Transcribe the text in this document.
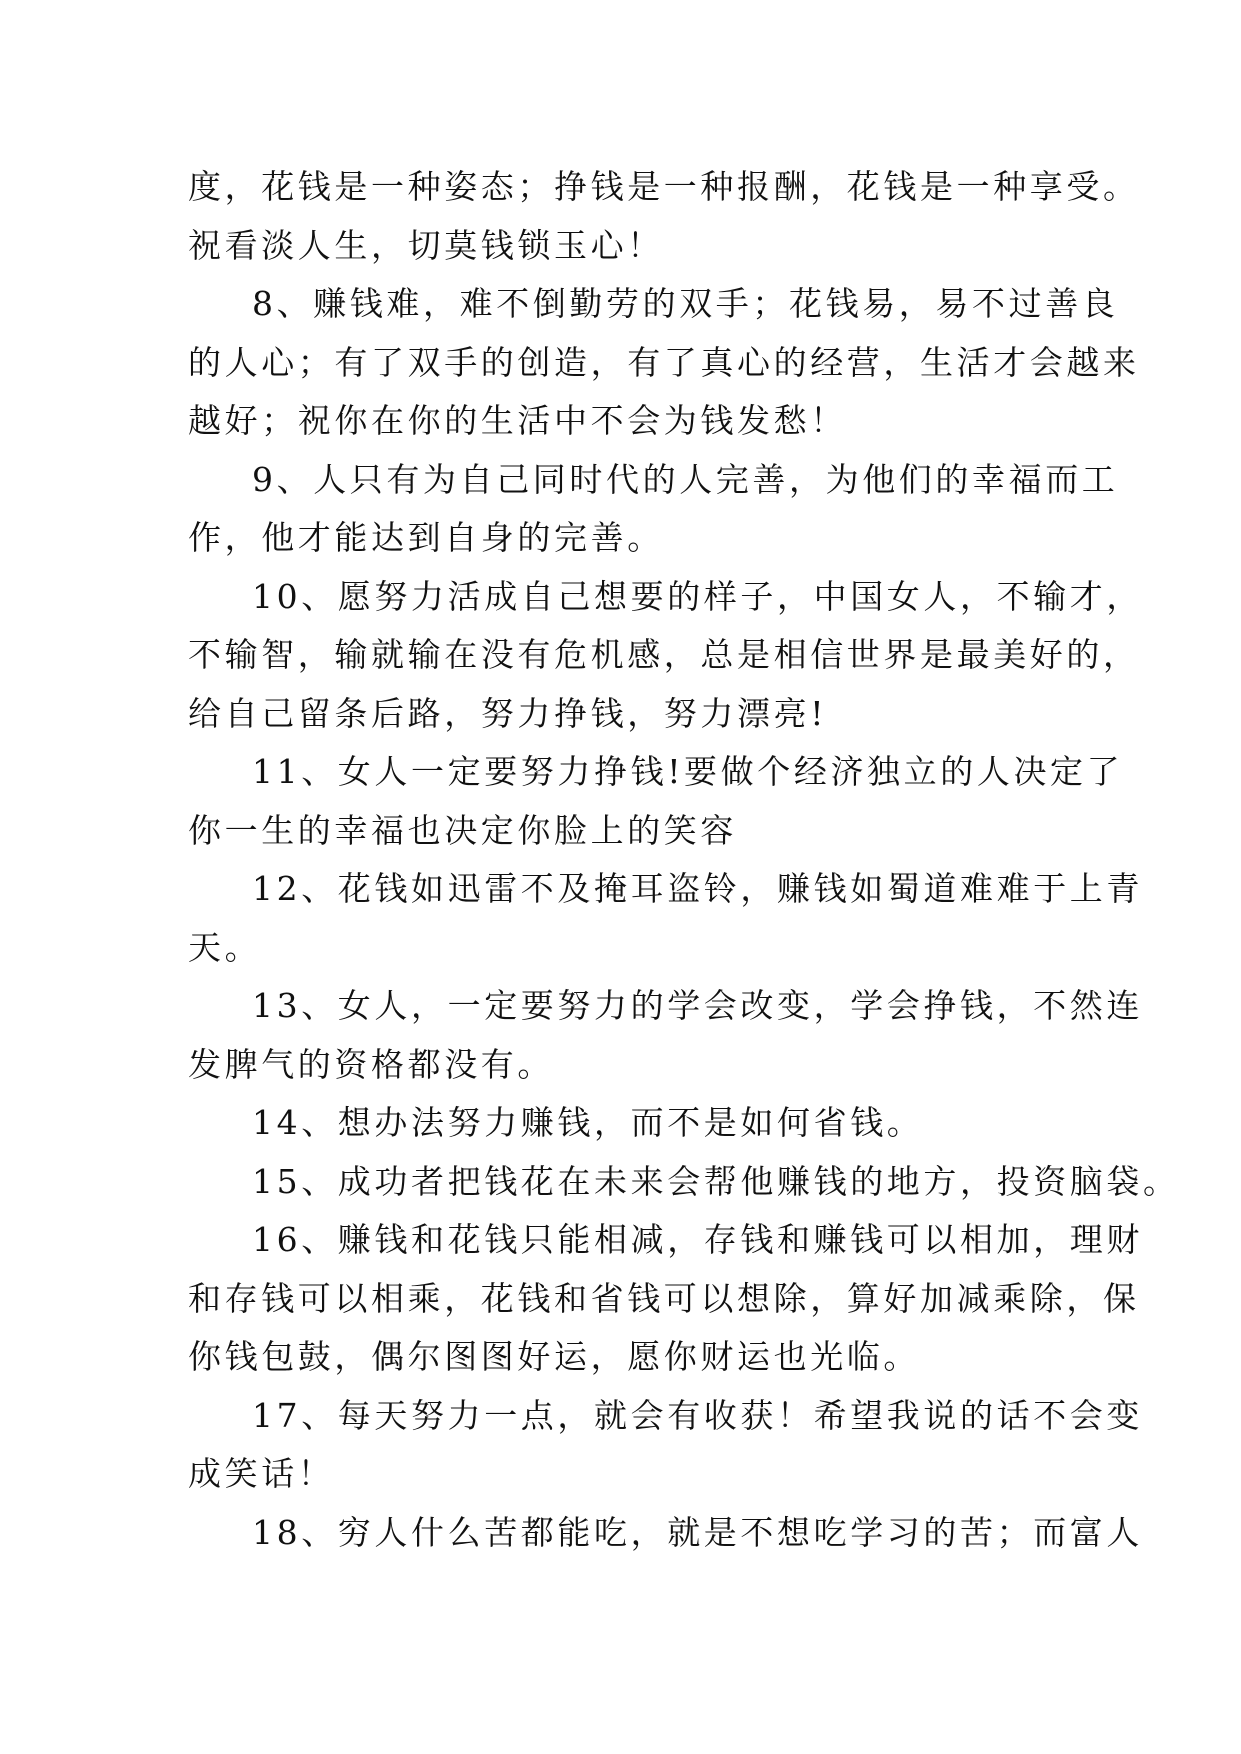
度，花钱是一种姿态；挣钱是一种报酬，花钱是一种享受。
祝看淡人生，切莫钱锁玉心！
8、赚钱难，难不倒勤劳的双手；花钱易，易不过善良
的人心；有了双手的创造，有了真心的经营，生活才会越来
越好；祝你在你的生活中不会为钱发愁！
9、人只有为自己同时代的人完善，为他们的幸福而工
作，他才能达到自身的完善。
10、愿努力活成自己想要的样子，中国女人，不输才，
不输智，输就输在没有危机感，总是相信世界是最美好的，
给自己留条后路，努力挣钱，努力漂亮!
11、女人一定要努力挣钱!要做个经济独立的人决定了
你一生的幸福也决定你脸上的笑容
12、花钱如迅雷不及掩耳盗铃，赚钱如蜀道难难于上青
天。
13、女人，一定要努力的学会改变，学会挣钱，不然连
发脾气的资格都没有。
14、想办法努力赚钱，而不是如何省钱。
15、成功者把钱花在未来会帮他赚钱的地方，投资脑袋。
16、赚钱和花钱只能相减，存钱和赚钱可以相加，理财
和存钱可以相乘，花钱和省钱可以想除，算好加减乘除，保
你钱包鼓，偶尔图图好运，愿你财运也光临。
17、每天努力一点，就会有收获！希望我说的话不会变
成笑话！
18、穷人什么苦都能吃，就是不想吃学习的苦；而富人
